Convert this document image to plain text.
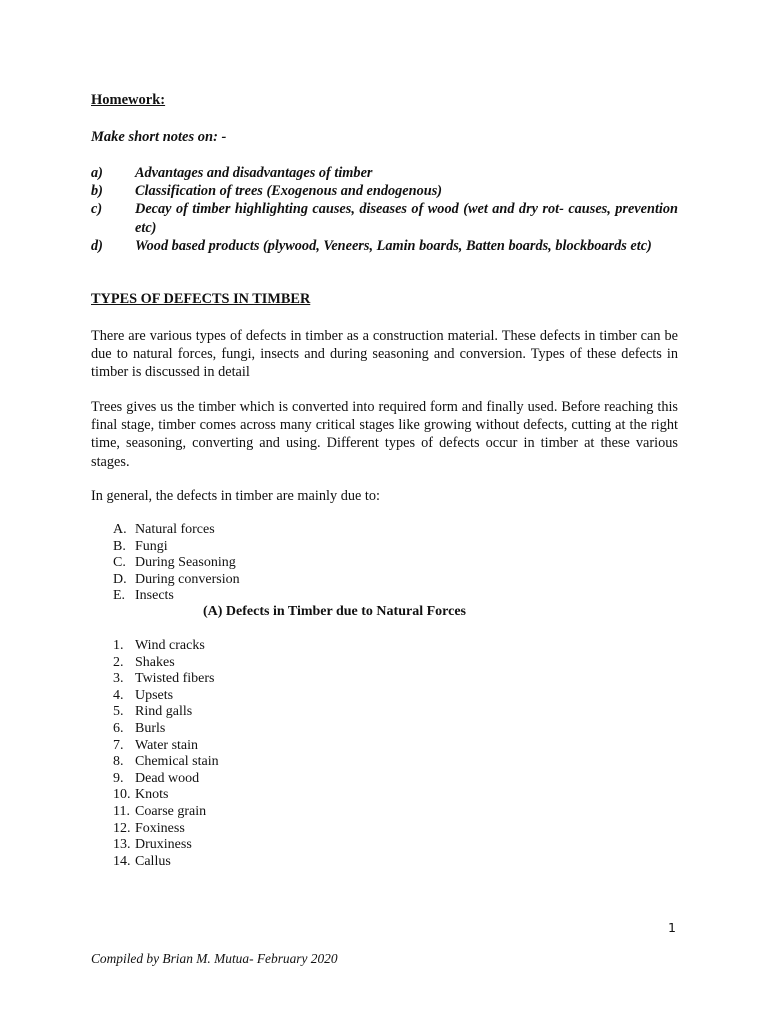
Homework:
Make short notes on: -
a)	Advantages and disadvantages of timber
b)	Classification of trees (Exogenous and endogenous)
c)	Decay of timber highlighting causes, diseases of wood (wet and dry rot- causes, prevention etc)
d)	Wood based products (plywood, Veneers, Lamin boards, Batten boards, blockboards etc)
TYPES OF DEFECTS IN TIMBER
There are various types of defects in timber as a construction material. These defects in timber can be due to natural forces, fungi, insects and during seasoning and conversion. Types of these defects in timber is discussed in detail
Trees gives us the timber which is converted into required form and finally used. Before reaching this final stage, timber comes across many critical stages like growing without defects, cutting at the right time, seasoning, converting and using. Different types of defects occur in timber at these various stages.
In general, the defects in timber are mainly due to:
A. Natural forces
B. Fungi
C. During Seasoning
D. During conversion
E. Insects
(A) Defects in Timber due to Natural Forces
1. Wind cracks
2. Shakes
3. Twisted fibers
4. Upsets
5. Rind galls
6. Burls
7. Water stain
8. Chemical stain
9. Dead wood
10. Knots
11. Coarse grain
12. Foxiness
13. Druxiness
14. Callus
1
Compiled by Brian M. Mutua- February 2020
